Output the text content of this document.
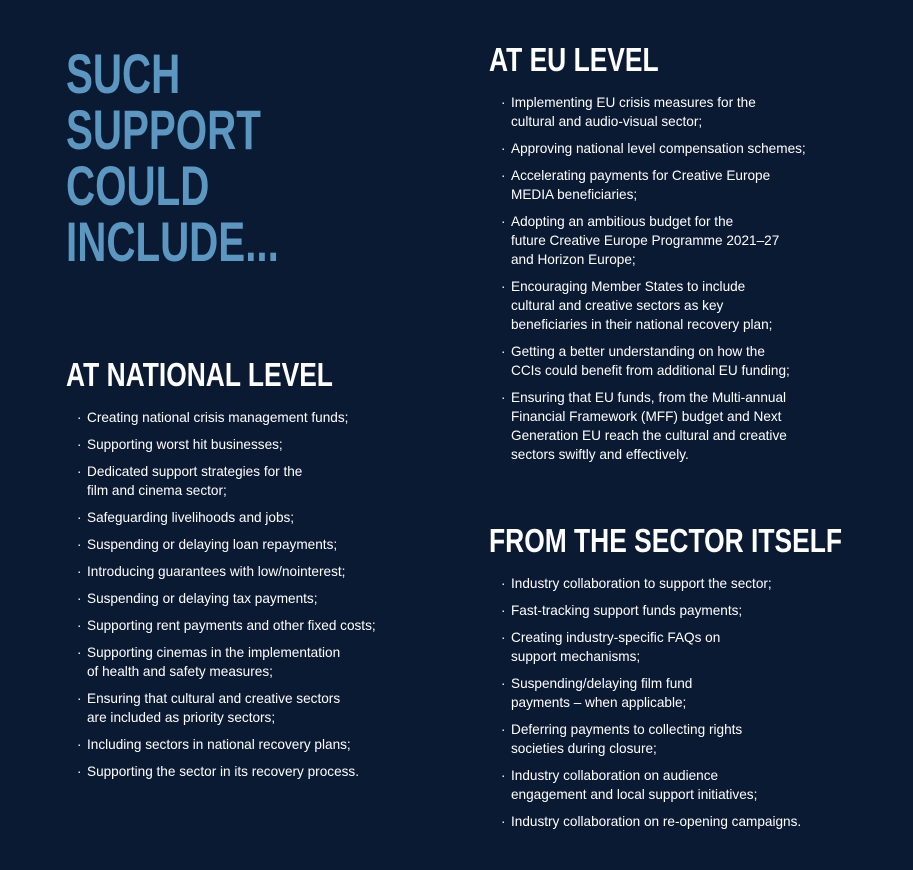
SUCH
SUPPORT
COULD
INCLUDE...
AT NATIONAL LEVEL
· Creating national crisis management funds;
· Supporting worst hit businesses;
· Dedicated support strategies for the
film and cinema sector;
· Safeguarding livelihoods and jobs;
· Suspending or delaying loan repayments;
· Introducing guarantees with low/nointerest;
· Suspending or delaying tax payments;
· Supporting rent payments and other fixed costs;
· Supporting cinemas in the implementation
of health and safety measures;
· Ensuring that cultural and creative sectors
are included as priority sectors;
· Including sectors in national recovery plans;
· Supporting the sector in its recovery process.
AT EU LEVEL
· Implementing EU crisis measures for the
cultural and audio-visual sector;
· Approving national level compensation schemes;
· Accelerating payments for Creative Europe
MEDIA beneficiaries;
· Adopting an ambitious budget for the
future Creative Europe Programme 2021–27
and Horizon Europe;
· Encouraging Member States to include
cultural and creative sectors as key
beneficiaries in their national recovery plan;
· Getting a better understanding on how the
CCIs could benefit from additional EU funding;
· Ensuring that EU funds, from the Multi-annual
Financial Framework (MFF) budget and Next
Generation EU reach the cultural and creative
sectors swiftly and effectively.
FROM THE SECTOR ITSELF
· Industry collaboration to support the sector;
· Fast-tracking support funds payments;
· Creating industry-specific FAQs on
support mechanisms;
· Suspending/delaying film fund
payments – when applicable;
· Deferring payments to collecting rights
societies during closure;
· Industry collaboration on audience
engagement and local support initiatives;
· Industry collaboration on re-opening campaigns.
